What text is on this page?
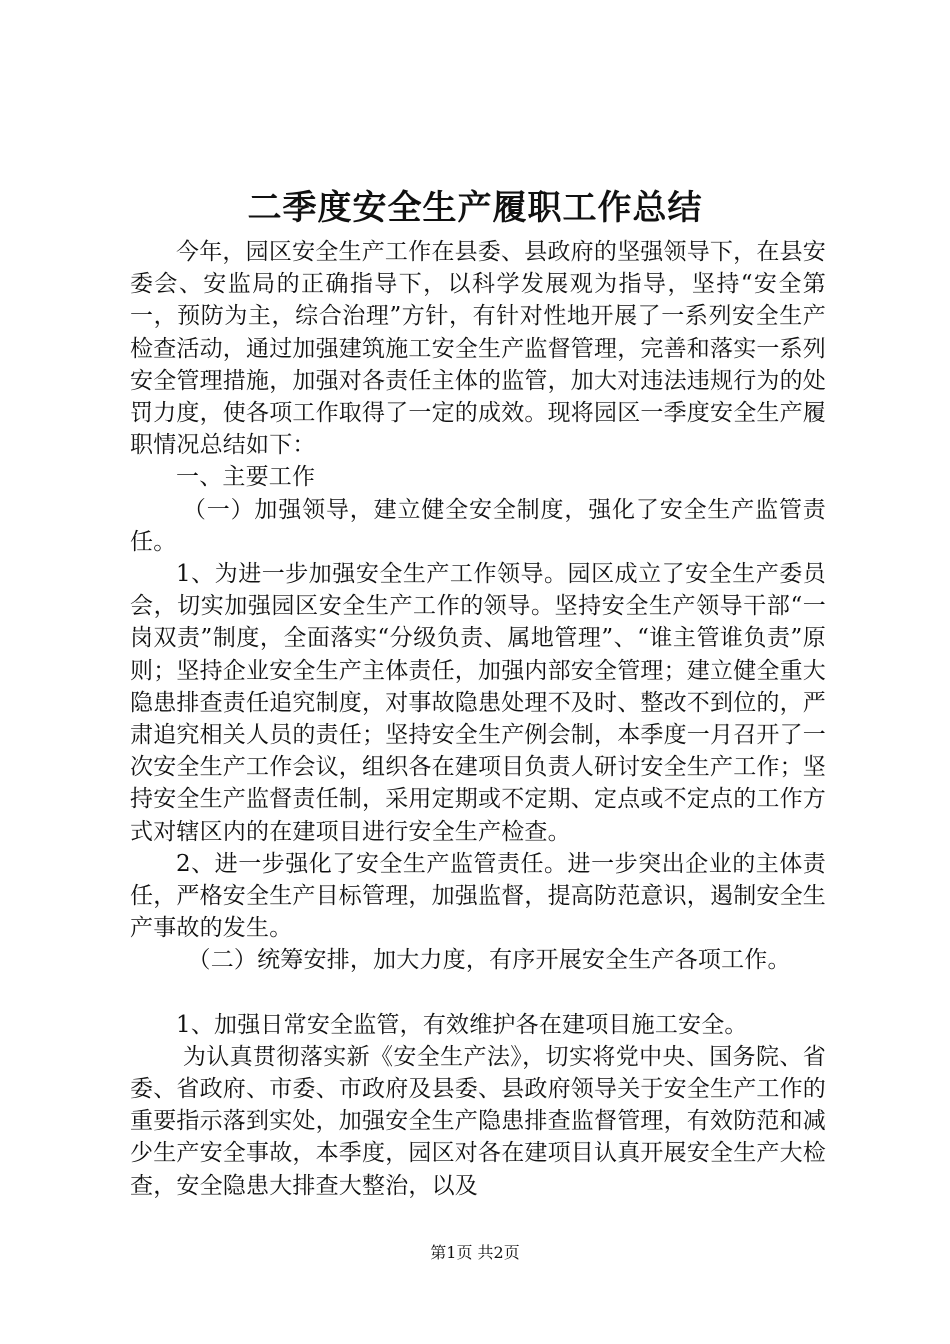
二季度安全生产履职工作总结

今年，园区安全生产工作在县委、县政府的坚强领导下，在县安委会、安监局的正确指导下，以科学发展观为指导，坚持“安全第一，预防为主，综合治理”方针，有针对性地开展了一系列安全生产检查活动，通过加强建筑施工安全生产监督管理，完善和落实一系列安全管理措施，加强对各责任主体的监管，加大对违法违规行为的处罚力度，使各项工作取得了一定的成效。现将园区一季度安全生产履职情况总结如下：

一、主要工作

（一）加强领导，建立健全安全制度，强化了安全生产监管责任。

1、为进一步加强安全生产工作领导。园区成立了安全生产委员会，切实加强园区安全生产工作的领导。坚持安全生产领导干部“一岗双责”制度，全面落实“分级负责、属地管理”、“谁主管谁负责”原则；坚持企业安全生产主体责任，加强内部安全管理；建立健全重大隐患排查责任追究制度，对事故隐患处理不及时、整改不到位的，严肃追究相关人员的责任；坚持安全生产例会制，本季度一月召开了一次安全生产工作会议，组织各在建项目负责人研讨安全生产工作；坚持安全生产监督责任制，采用定期或不定期、定点或不定点的工作方式对辖区内的在建项目进行安全生产检查。

2、进一步强化了安全生产监管责任。进一步突出企业的主体责任，严格安全生产目标管理，加强监督，提高防范意识，遏制安全生产事故的发生。

（二）统筹安排，加大力度，有序开展安全生产各项工作。

1、加强日常安全监管，有效维护各在建项目施工安全。

为认真贯彻落实新《安全生产法》，切实将党中央、国务院、省委、省政府、市委、市政府及县委、县政府领导关于安全生产工作的重要指示落到实处，加强安全生产隐患排查监督管理，有效防范和减少生产安全事故，本季度，园区对各在建项目认真开展安全生产大检查，安全隐患大排查大整治，以及

第1页 共2页
